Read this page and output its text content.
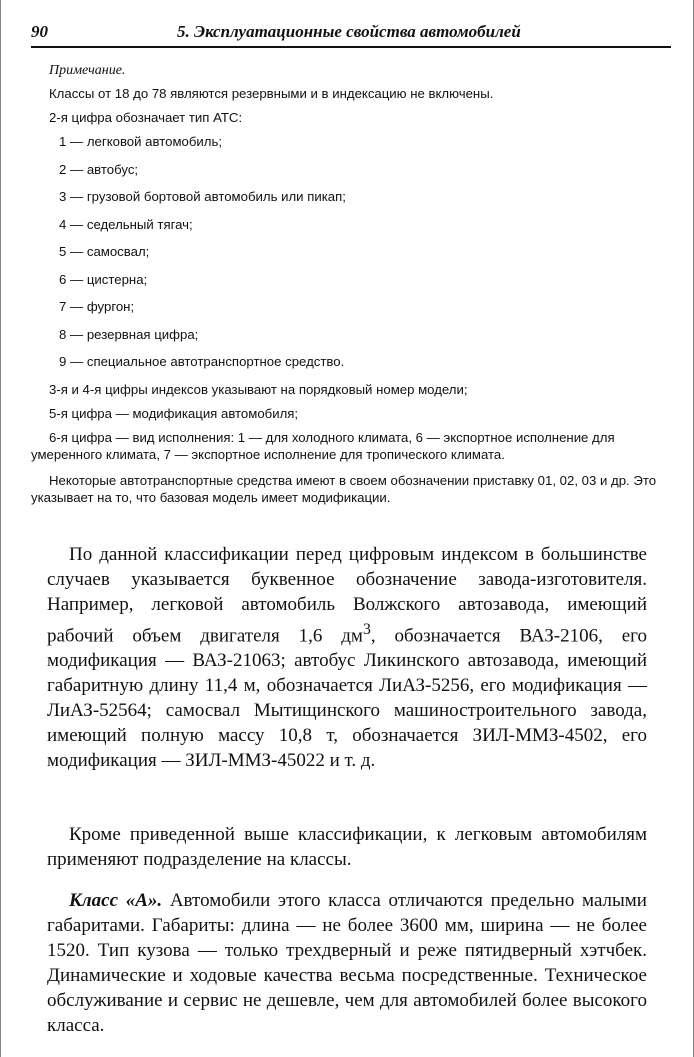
90	5. Эксплуатационные свойства автомобилей

Примечание.

Классы от 18 до 78 являются резервными и в индексацию не включены.

2-я цифра обозначает тип АТС:

1 — легковой автомобиль;
2 — автобус;
3 — грузовой бортовой автомобиль или пикап;
4 — седельный тягач;
5 — самосвал;
6 — цистерна;
7 — фургон;
8 — резервная цифра;
9 — специальное автотранспортное средство.

3-я и 4-я цифры индексов указывают на порядковый номер модели;

5-я цифра — модификация автомобиля;

6-я цифра — вид исполнения: 1 — для холодного климата, 6 — экспортное исполнение для умеренного климата, 7 — экспортное исполнение для тропического климата.

Некоторые автотранспортные средства имеют в своем обозначении приставку 01, 02, 03 и др. Это указывает на то, что базовая модель имеет модификации.

По данной классификации перед цифровым индексом в большинстве случаев указывается буквенное обозначение завода-изготовителя. Например, легковой автомобиль Волжского автозавода, имеющий рабочий объем двигателя 1,6 $дм^3$, обозначается ВАЗ-2106, его модификация — ВАЗ-21063; автобус Ликинского автозавода, имеющий габаритную длину 11,4 м, обозначается ЛиАЗ-5256, его модификация — ЛиАЗ-52564; самосвал Мытищинского машиностроительного завода, имеющий полную массу 10,8 т, обозначается ЗИЛ-ММЗ-4502, его модификация — ЗИЛ-ММЗ-45022 и т. д.

Кроме приведенной выше классификации, к легковым автомобилям применяют подразделение на классы.

Класс «А». Автомобили этого класса отличаются предельно малыми габаритами. Габариты: длина — не более 3600 мм, ширина — не более 1520. Тип кузова — только трехдверный и реже пятидверный хэтчбек. Динамические и ходовые качества весьма посредственные. Техническое обслуживание и сервис не дешевле, чем для автомобилей более высокого класса.
